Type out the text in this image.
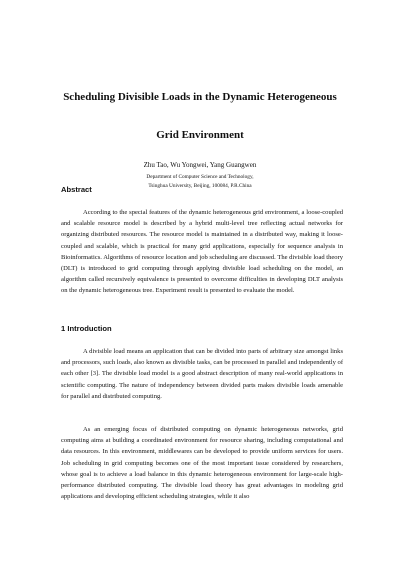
Scheduling Divisible Loads in the Dynamic Heterogeneous
Grid Environment

Zhu Tao, Wu Yongwei, Yang Guangwen

Department of Computer Science and Technology,

Tsinghua University, Beijing, 100084, P.R.China

Abstract

According to the special features of the dynamic heterogeneous grid environment, a loose-coupled and scalable resource model is described by a hybrid multi-level tree reflecting actual networks for organizing distributed resources. The resource model is maintained in a distributed way, making it loose-coupled and scalable, which is practical for many grid applications, especially for sequence analysis in Bioinformatics. Algorithms of resource location and job scheduling are discussed. The divisible load theory (DLT) is introduced to grid computing through applying divisible load scheduling on the model, an algorithm called recursively equivalence is presented to overcome difficulties in developing DLT analysis on the dynamic heterogeneous tree. Experiment result is presented to evaluate the model.

1 Introduction

A divisible load means an application that can be divided into parts of arbitrary size amongst links and processors, such loads, also known as divisible tasks, can be processed in parallel and independently of each other [3]. The divisible load model is a good abstract description of many real-world applications in scientific computing. The nature of independency between divided parts makes divisible loads amenable for parallel and distributed computing.

As an emerging focus of distributed computing on dynamic heterogeneous networks, grid computing aims at building a coordinated environment for resource sharing, including computational and data resources. In this environment, middlewares can be developed to provide uniform services for users. Job scheduling in grid computing becomes one of the most important issue considered by researchers, whose goal is to achieve a load balance in this dynamic heterogeneous environment for large-scale high-performance distributed computing. The divisible load theory has great advantages in modeling grid applications and developing efficient scheduling strategies, while it also
